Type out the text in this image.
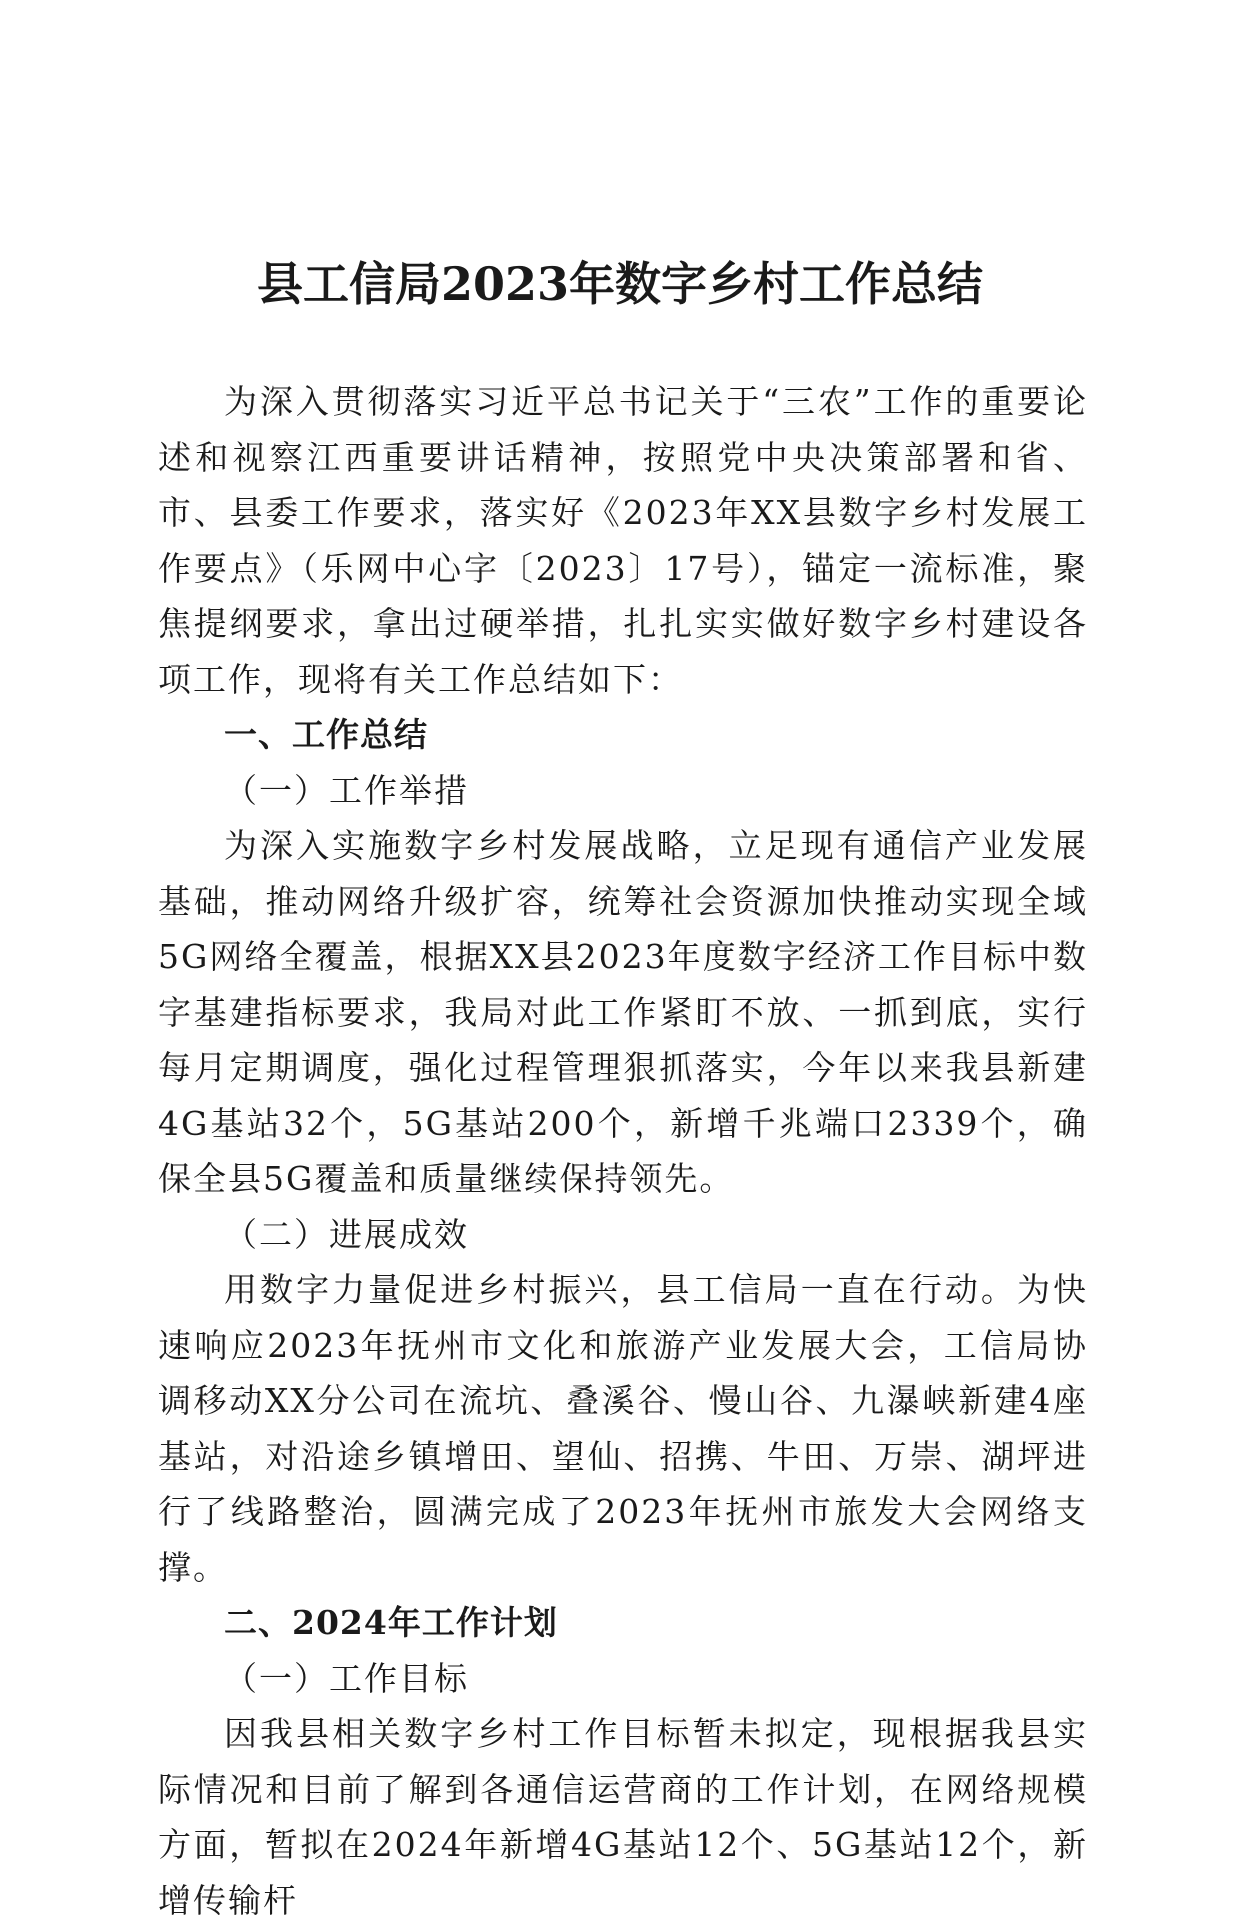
县工信局2023年数字乡村工作总结

为深入贯彻落实习近平总书记关于“三农”工作的重要论述和视察江西重要讲话精神，按照党中央决策部署和省、市、县委工作要求，落实好《2023年XX县数字乡村发展工作要点》（乐网中心字〔2023〕17号），锚定一流标准，聚焦提纲要求，拿出过硬举措，扎扎实实做好数字乡村建设各项工作，现将有关工作总结如下：

一、工作总结

（一）工作举措

为深入实施数字乡村发展战略，立足现有通信产业发展基础，推动网络升级扩容，统筹社会资源加快推动实现全域5G网络全覆盖，根据XX县2023年度数字经济工作目标中数字基建指标要求，我局对此工作紧盯不放、一抓到底，实行每月定期调度，强化过程管理狠抓落实，今年以来我县新建4G基站32个，5G基站200个，新增千兆端口2339个，确保全县5G覆盖和质量继续保持领先。

（二）进展成效

用数字力量促进乡村振兴，县工信局一直在行动。为快速响应2023年抚州市文化和旅游产业发展大会，工信局协调移动XX分公司在流坑、叠溪谷、慢山谷、九瀑峡新建4座基站，对沿途乡镇增田、望仙、招携、牛田、万崇、湖坪进行了线路整治，圆满完成了2023年抚州市旅发大会网络支撑。

二、2024年工作计划

（一）工作目标

因我县相关数字乡村工作目标暂未拟定，现根据我县实际情况和目前了解到各通信运营商的工作计划，在网络规模方面，暂拟在2024年新增4G基站12个、5G基站12个，新增传输杆
